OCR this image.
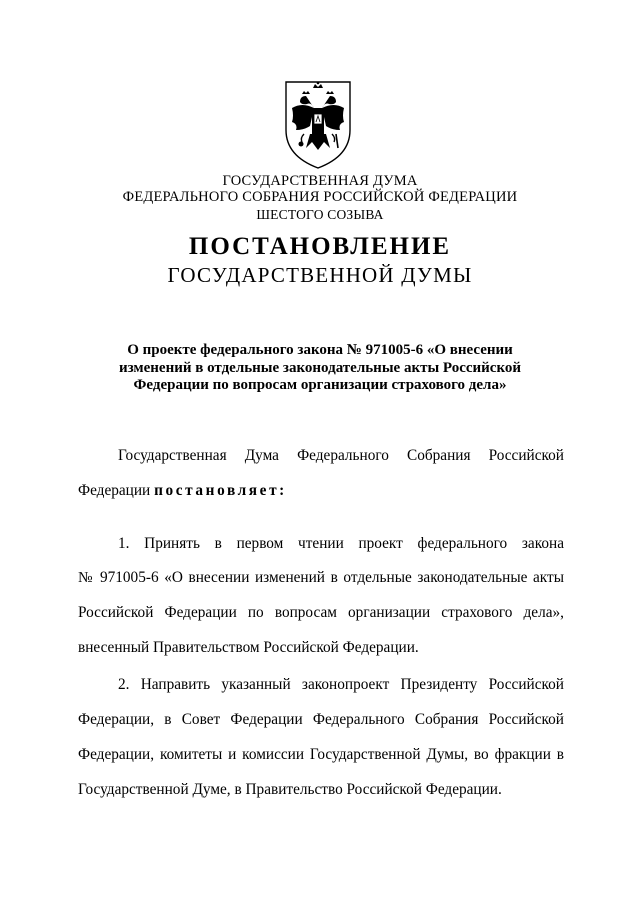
ГОСУДАРСТВЕННАЯ ДУМА
ФЕДЕРАЛЬНОГО СОБРАНИЯ РОССИЙСКОЙ ФЕДЕРАЦИИ
ШЕСТОГО СОЗЫВА
ПОСТАНОВЛЕНИЕ
ГОСУДАРСТВЕННОЙ ДУМЫ
О проекте федерального закона № 971005-6 «О внесении
изменений в отдельные законодательные акты Российской
Федерации по вопросам организации страхового дела»
Государственная Дума Федерального Собрания Российской
Федерации постановляет:
1. Принять в первом чтении проект федерального закона
№ 971005-6 «О внесении изменений в отдельные законодательные акты
Российской Федерации по вопросам организации страхового дела»,
внесенный Правительством Российской Федерации.
2. Направить указанный законопроект Президенту Российской
Федерации, в Совет Федерации Федерального Собрания Российской
Федерации, комитеты и комиссии Государственной Думы, во фракции в
Государственной Думе, в Правительство Российской Федерации.
